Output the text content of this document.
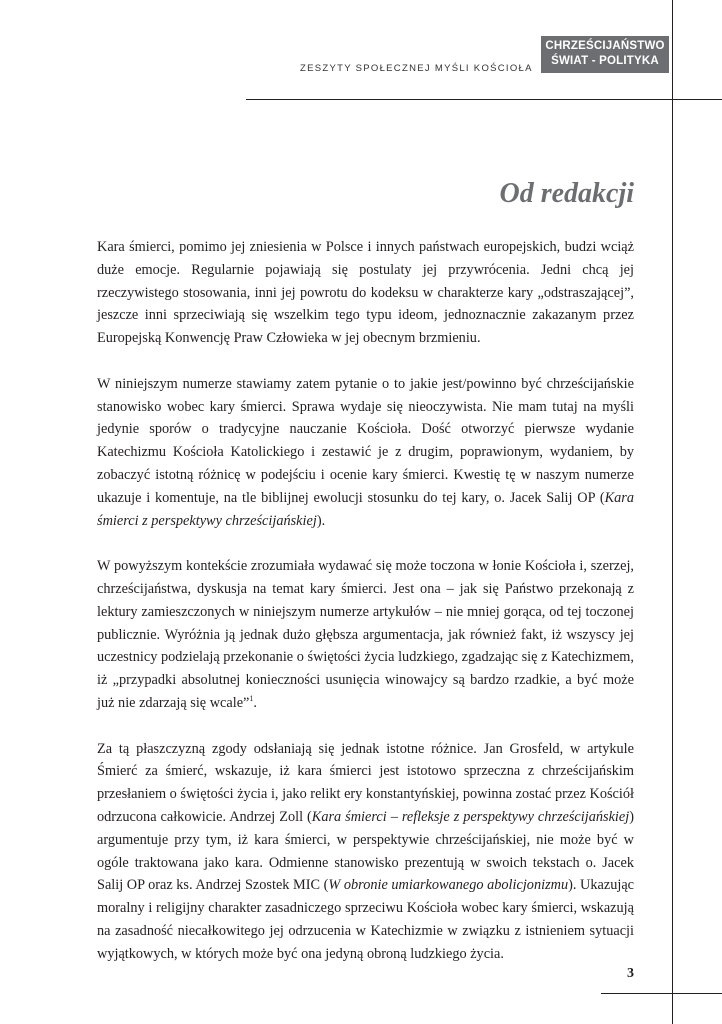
ZESZYTY SPOŁECZNEJ MYŚLI KOŚCIOŁA
CHRZEŚCIJAŃSTWO
ŚWIAT - POLITYKA
Od redakcji

Kara śmierci, pomimo jej zniesienia w Polsce i innych państwach europejskich, budzi wciąż duże emocje. Regularnie pojawiają się postulaty jej przywrócenia. Jedni chcą jej rzeczywistego stosowania, inni jej powrotu do kodeksu w charakterze kary „odstraszającej”, jeszcze inni sprzeciwiają się wszelkim tego typu ideom, jednoznacznie zakazanym przez Europejską Konwencję Praw Człowieka w jej obecnym brzmieniu.

W niniejszym numerze stawiamy zatem pytanie o to jakie jest/powinno być chrześcijańskie stanowisko wobec kary śmierci. Sprawa wydaje się nieoczywista. Nie mam tutaj na myśli jedynie sporów o tradycyjne nauczanie Kościoła. Dość otworzyć pierwsze wydanie Katechizmu Kościoła Katolickiego i zestawić je z drugim, poprawionym, wydaniem, by zobaczyć istotną różnicę w podejściu i ocenie kary śmierci. Kwestię tę w naszym numerze ukazuje i komentuje, na tle biblijnej ewolucji stosunku do tej kary, o. Jacek Salij OP (Kara śmierci z perspektywy chrześcijańskiej).

W powyższym kontekście zrozumiała wydawać się może toczona w łonie Kościoła i, szerzej, chrześcijaństwa, dyskusja na temat kary śmierci. Jest ona – jak się Państwo przekonają z lektury zamieszczonych w niniejszym numerze artykułów – nie mniej gorąca, od tej toczonej publicznie. Wyróżnia ją jednak dużo głębsza argumentacja, jak również fakt, iż wszyscy jej uczestnicy podzielają przekonanie o świętości życia ludzkiego, zgadzając się z Katechizmem, iż „przypadki absolutnej konieczności usunięcia winowajcy są bardzo rzadkie, a być może już nie zdarzają się wcale”$^1$.

Za tą płaszczyzną zgody odsłaniają się jednak istotne różnice. Jan Grosfeld, w artykule Śmierć za śmierć, wskazuje, iż kara śmierci jest istotowo sprzeczna z chrześcijańskim przesłaniem o świętości życia i, jako relikt ery konstantyńskiej, powinna zostać przez Kościół odrzucona całkowicie. Andrzej Zoll (Kara śmierci – refleksje z perspektywy chrześcijańskiej) argumentuje przy tym, iż kara śmierci, w perspektywie chrześcijańskiej, nie może być w ogóle traktowana jako kara. Odmienne stanowisko prezentują w swoich tekstach o. Jacek Salij OP oraz ks. Andrzej Szostek MIC (W obronie umiarkowanego abolicjonizmu). Ukazując moralny i religijny charakter zasadniczego sprzeciwu Kościoła wobec kary śmierci, wskazują na zasadność niecałkowitego jej odrzucenia w Katechizmie w związku z istnieniem sytuacji wyjątkowych, w których może być ona jedyną obroną ludzkiego życia.

3
